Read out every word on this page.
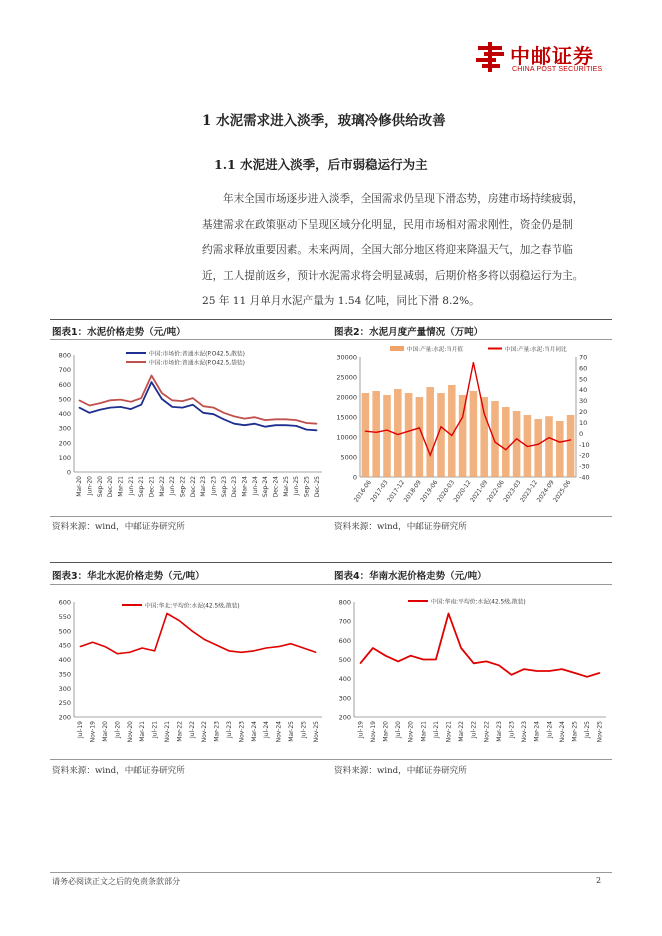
中邮证券
CHINA POST SECURITIES
1 水泥需求进入淡季，玻璃冷修供给改善
1.1 水泥进入淡季，后市弱稳运行为主
年末全国市场逐步进入淡季，全国需求仍呈现下滑态势，房建市场持续疲弱，
基建需求在政策驱动下呈现区域分化明显，民用市场相对需求刚性，资金仍是制
约需求释放重要因素。未来两周，全国大部分地区将迎来降温天气，加之春节临
近，工人提前返乡，预计水泥需求将会明显减弱，后期价格多将以弱稳运行为主。
25 年 11 月单月水泥产量为 1.54 亿吨，同比下滑 8.2%。
图表1：水泥价格走势（元/吨）	图表2：水泥月度产量情况（万吨）
0
100
200
300
400
500
600
700
800
Mar-20 Jun-20 Sep-20 Dec-20 Mar-21 Jun-21 Sep-21 Dec-21 Mar-22 Jun-22 Sep-22 Dec-22 Mar-23 Jun-23 Sep-23 Dec-23 Mar-24 Jun-24 Sep-24 Dec-24 Mar-25 Jun-25 Sep-25 Dec-25
中国:市场价:普通水泥(P.O42.5,散装)
中国:市场价:普通水泥(P.O42.5,袋装)
0
5000
10000
15000
20000
25000
30000
-40
-30
-20
-10
0
10
20
30
40
50
60
70
2016-06
2017-03
2017-12
2018-09
2019-06
2020-03
2020-12
2021-09
2022-06
2023-03
2023-12
2024-09
2025-06
中国:产量:水泥:当月值	中国:产量:水泥:当月同比
资料来源：wind，中邮证券研究所	资料来源：wind，中邮证券研究所
图表3：华北水泥价格走势（元/吨）	图表4：华南水泥价格走势（元/吨）
200
250
300
350
400
450
500
550
600
Jul-19 Nov-19 Mar-20 Jul-20 Nov-20 Mar-21 Jul-21 Nov-21 Mar-22 Jul-22 Nov-22 Mar-23 Jul-23 Nov-23 Mar-24 Jul-24 Nov-24 Mar-25 Jul-25 Nov-25
中国:华北:平均价:水泥(42.5级,散装)
200
300
400
500
600
700
800
Jul-19 Nov-19 Mar-20 Jul-20 Nov-20 Mar-21 Jul-21 Nov-21 Mar-22 Jul-22 Nov-22 Mar-23 Jul-23 Nov-23 Mar-24 Jul-24 Nov-24 Mar-25 Jul-25 Nov-25
中国:华南:平均价:水泥(42.5级,散装)
资料来源：wind，中邮证券研究所	资料来源：wind，中邮证券研究所
请务必阅读正文之后的免责条款部分	2
